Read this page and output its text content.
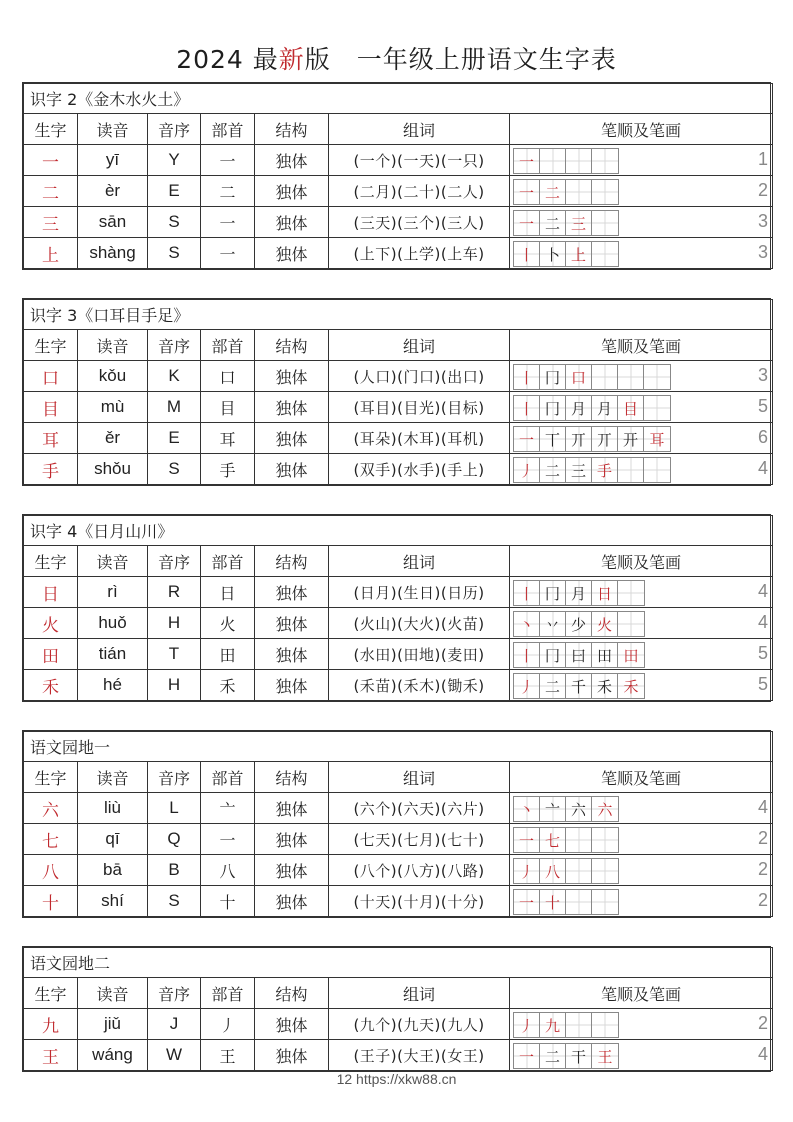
2024 最新版 一年级上册语文生字表
识字 2《金木水火土》						
生字	读音	音序	部首	结构	组词	笔顺及笔画
一	yī	Y	一	独体	(一个)(一天)(一只)	一 1

二	èr	E	二	独体	(二月)(二十)(二人)	一 二 2

三	sān	S	一	独体	(三天)(三个)(三人)	一 二 三 3

上	shàng	S	一	独体	(上下)(上学)(上车)	丨 卜 上 3
识字 3《口耳目手足》						
生字	读音	音序	部首	结构	组词	笔顺及笔画
口	kǒu	K	口	独体	(人口)(门口)(出口)	丨 冂 口 3

目	mù	M	目	独体	(耳目)(目光)(目标)	丨 冂 月 月 目	5

耳	ěr	E	耳	独体	(耳朵)(木耳)(耳机)	一 丅 丌 丌 开 耳	6

手	shǒu	S	手	独体	(双手)(水手)(手上)	丿 二 三 手 4
识字 4《日月山川》						
生字	读音	音序	部首	结构	组词	笔顺及笔画
日	rì	R	日	独体	(日月)(生日)(日历)	丨 冂 月 日 4

火	huǒ	H	火	独体	(火山)(大火)(火苗)	丶 丷 少 火 4

田	tián	T	田	独体	(水田)(田地)(麦田)	丨 冂 曰 田 田	5

禾	hé	H	禾	独体	(禾苗)(禾木)(锄禾)	丿 二 千 禾 禾	5
语文园地一						
生字	读音	音序	部首	结构	组词	笔顺及笔画
六	liù	L	亠	独体	(六个)(六天)(六片)	丶 亠 六 六 4

七	qī	Q	一	独体	(七天)(七月)(七十)	一 七 2

八	bā	B	八	独体	(八个)(八方)(八路)	丿 八 2

十	shí	S	十	独体	(十天)(十月)(十分)	一 十 2
语文园地二						
生字	读音	音序	部首	结构	组词	笔顺及笔画
九	jiǔ	J	丿	独体	(九个)(九天)(九人)	丿 九 2

王	wáng	W	王	独体	(王子)(大王)(女王)	一 二 干 王 4
12 https://xkw88.cn
